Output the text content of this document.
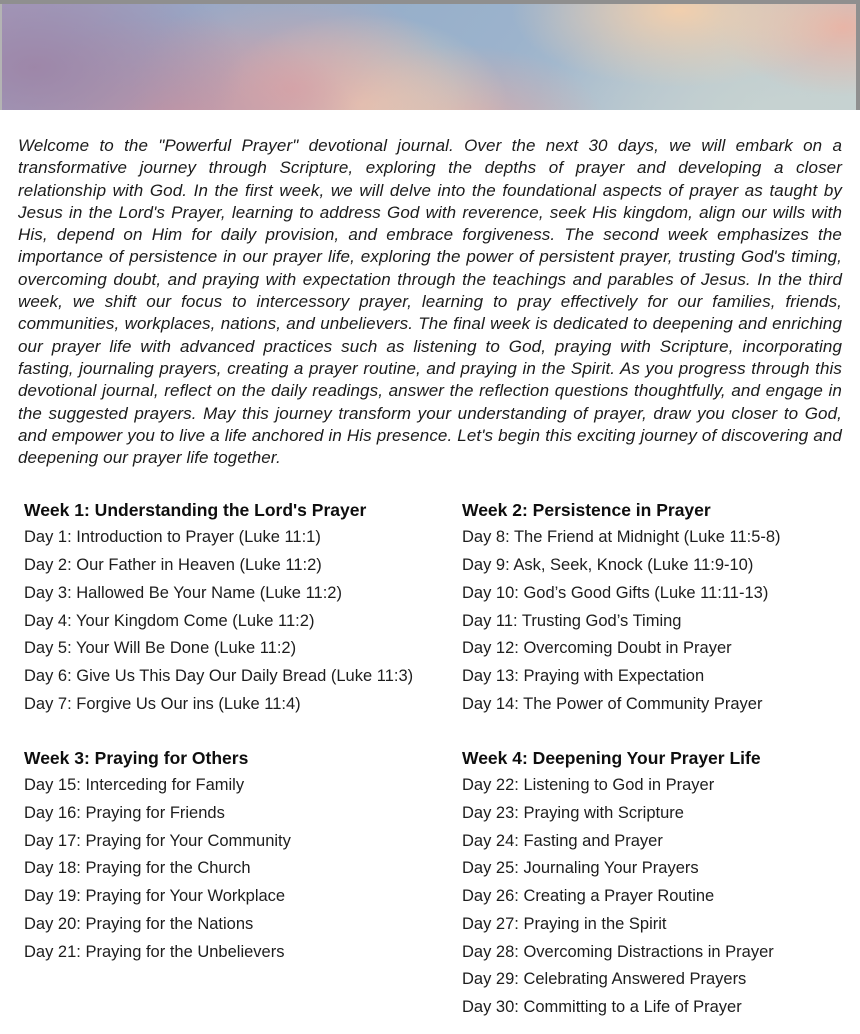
Welcome to the "Powerful Prayer" devotional journal. Over the next 30 days, we will embark on a transformative journey through Scripture, exploring the depths of prayer and developing a closer relationship with God. In the first week, we will delve into the foundational aspects of prayer as taught by Jesus in the Lord's Prayer, learning to address God with reverence, seek His kingdom, align our wills with His, depend on Him for daily provision, and embrace forgiveness. The second week emphasizes the importance of persistence in our prayer life, exploring the power of persistent prayer, trusting God's timing, overcoming doubt, and praying with expectation through the teachings and parables of Jesus. In the third week, we shift our focus to intercessory prayer, learning to pray effectively for our families, friends, communities, workplaces, nations, and unbelievers. The final week is dedicated to deepening and enriching our prayer life with advanced practices such as listening to God, praying with Scripture, incorporating fasting, journaling prayers, creating a prayer routine, and praying in the Spirit. As you progress through this devotional journal, reflect on the daily readings, answer the reflection questions thoughtfully, and engage in the suggested prayers. May this journey transform your understanding of prayer, draw you closer to God, and empower you to live a life anchored in His presence. Let's begin this exciting journey of discovering and deepening our prayer life together.

Week 1: Understanding the Lord's Prayer
Day 1: Introduction to Prayer (Luke 11:1)
Day 2: Our Father in Heaven (Luke 11:2)
Day 3: Hallowed Be Your Name (Luke 11:2)
Day 4: Your Kingdom Come (Luke 11:2)
Day 5: Your Will Be Done (Luke 11:2)
Day 6: Give Us This Day Our Daily Bread (Luke 11:3)
Day 7: Forgive Us Our ins (Luke 11:4)
Week 2: Persistence in Prayer
Day 8: The Friend at Midnight (Luke 11:5-8)
Day 9: Ask, Seek, Knock (Luke 11:9-10)
Day 10: God’s Good Gifts (Luke 11:11-13)
Day 11: Trusting God’s Timing
Day 12: Overcoming Doubt in Prayer
Day 13: Praying with Expectation
Day 14: The Power of Community Prayer
Week 3: Praying for Others
Day 15: Interceding for Family
Day 16: Praying for Friends
Day 17: Praying for Your Community
Day 18: Praying for the Church
Day 19: Praying for Your Workplace
Day 20: Praying for the Nations
Day 21: Praying for the Unbelievers
Week 4: Deepening Your Prayer Life
Day 22: Listening to God in Prayer
Day 23: Praying with Scripture
Day 24: Fasting and Prayer
Day 25: Journaling Your Prayers
Day 26: Creating a Prayer Routine
Day 27: Praying in the Spirit
Day 28: Overcoming Distractions in Prayer
Day 29: Celebrating Answered Prayers
Day 30: Committing to a Life of Prayer
